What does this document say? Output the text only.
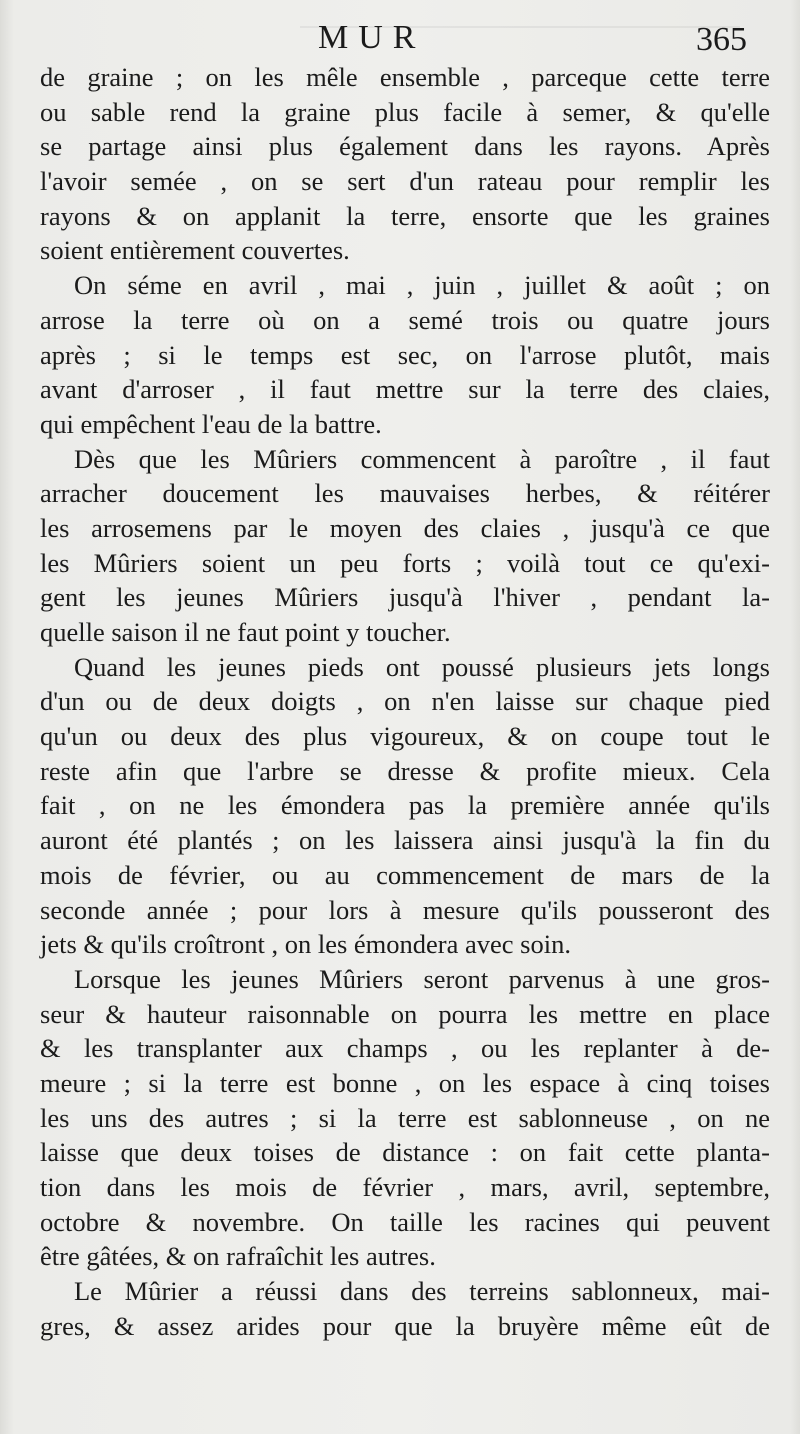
MUR	365
de graine ; on les mêle ensemble , parceque cette terre
ou sable rend la graine plus facile à semer, & qu'elle
se partage ainsi plus également dans les rayons. Après
l'avoir semée , on se sert d'un rateau pour remplir les
rayons & on applanit la terre, ensorte que les graines
soient entièrement couvertes.
On séme en avril , mai , juin , juillet & août ; on
arrose la terre où on a semé trois ou quatre jours
après ; si le temps est sec, on l'arrose plutôt, mais
avant d'arroser , il faut mettre sur la terre des claies,
qui empêchent l'eau de la battre.
Dès que les Mûriers commencent à paroître , il faut
arracher doucement les mauvaises herbes, & réitérer
les arrosemens par le moyen des claies , jusqu'à ce que
les Mûriers soient un peu forts ; voilà tout ce qu'exi-
gent les jeunes Mûriers jusqu'à l'hiver , pendant la-
quelle saison il ne faut point y toucher.
Quand les jeunes pieds ont poussé plusieurs jets longs
d'un ou de deux doigts , on n'en laisse sur chaque pied
qu'un ou deux des plus vigoureux, & on coupe tout le
reste afin que l'arbre se dresse & profite mieux. Cela
fait , on ne les émondera pas la première année qu'ils
auront été plantés ; on les laissera ainsi jusqu'à la fin du
mois de février, ou au commencement de mars de la
seconde année ; pour lors à mesure qu'ils pousseront des
jets & qu'ils croîtront , on les émondera avec soin.
Lorsque les jeunes Mûriers seront parvenus à une gros-
seur & hauteur raisonnable on pourra les mettre en place
& les transplanter aux champs , ou les replanter à de-
meure ; si la terre est bonne , on les espace à cinq toises
les uns des autres ; si la terre est sablonneuse , on ne
laisse que deux toises de distance : on fait cette planta-
tion dans les mois de février , mars, avril, septembre,
octobre & novembre. On taille les racines qui peuvent
être gâtées, & on rafraîchit les autres.
Le Mûrier a réussi dans des terreins sablonneux, mai-
gres, & assez arides pour que la bruyère même eût de
